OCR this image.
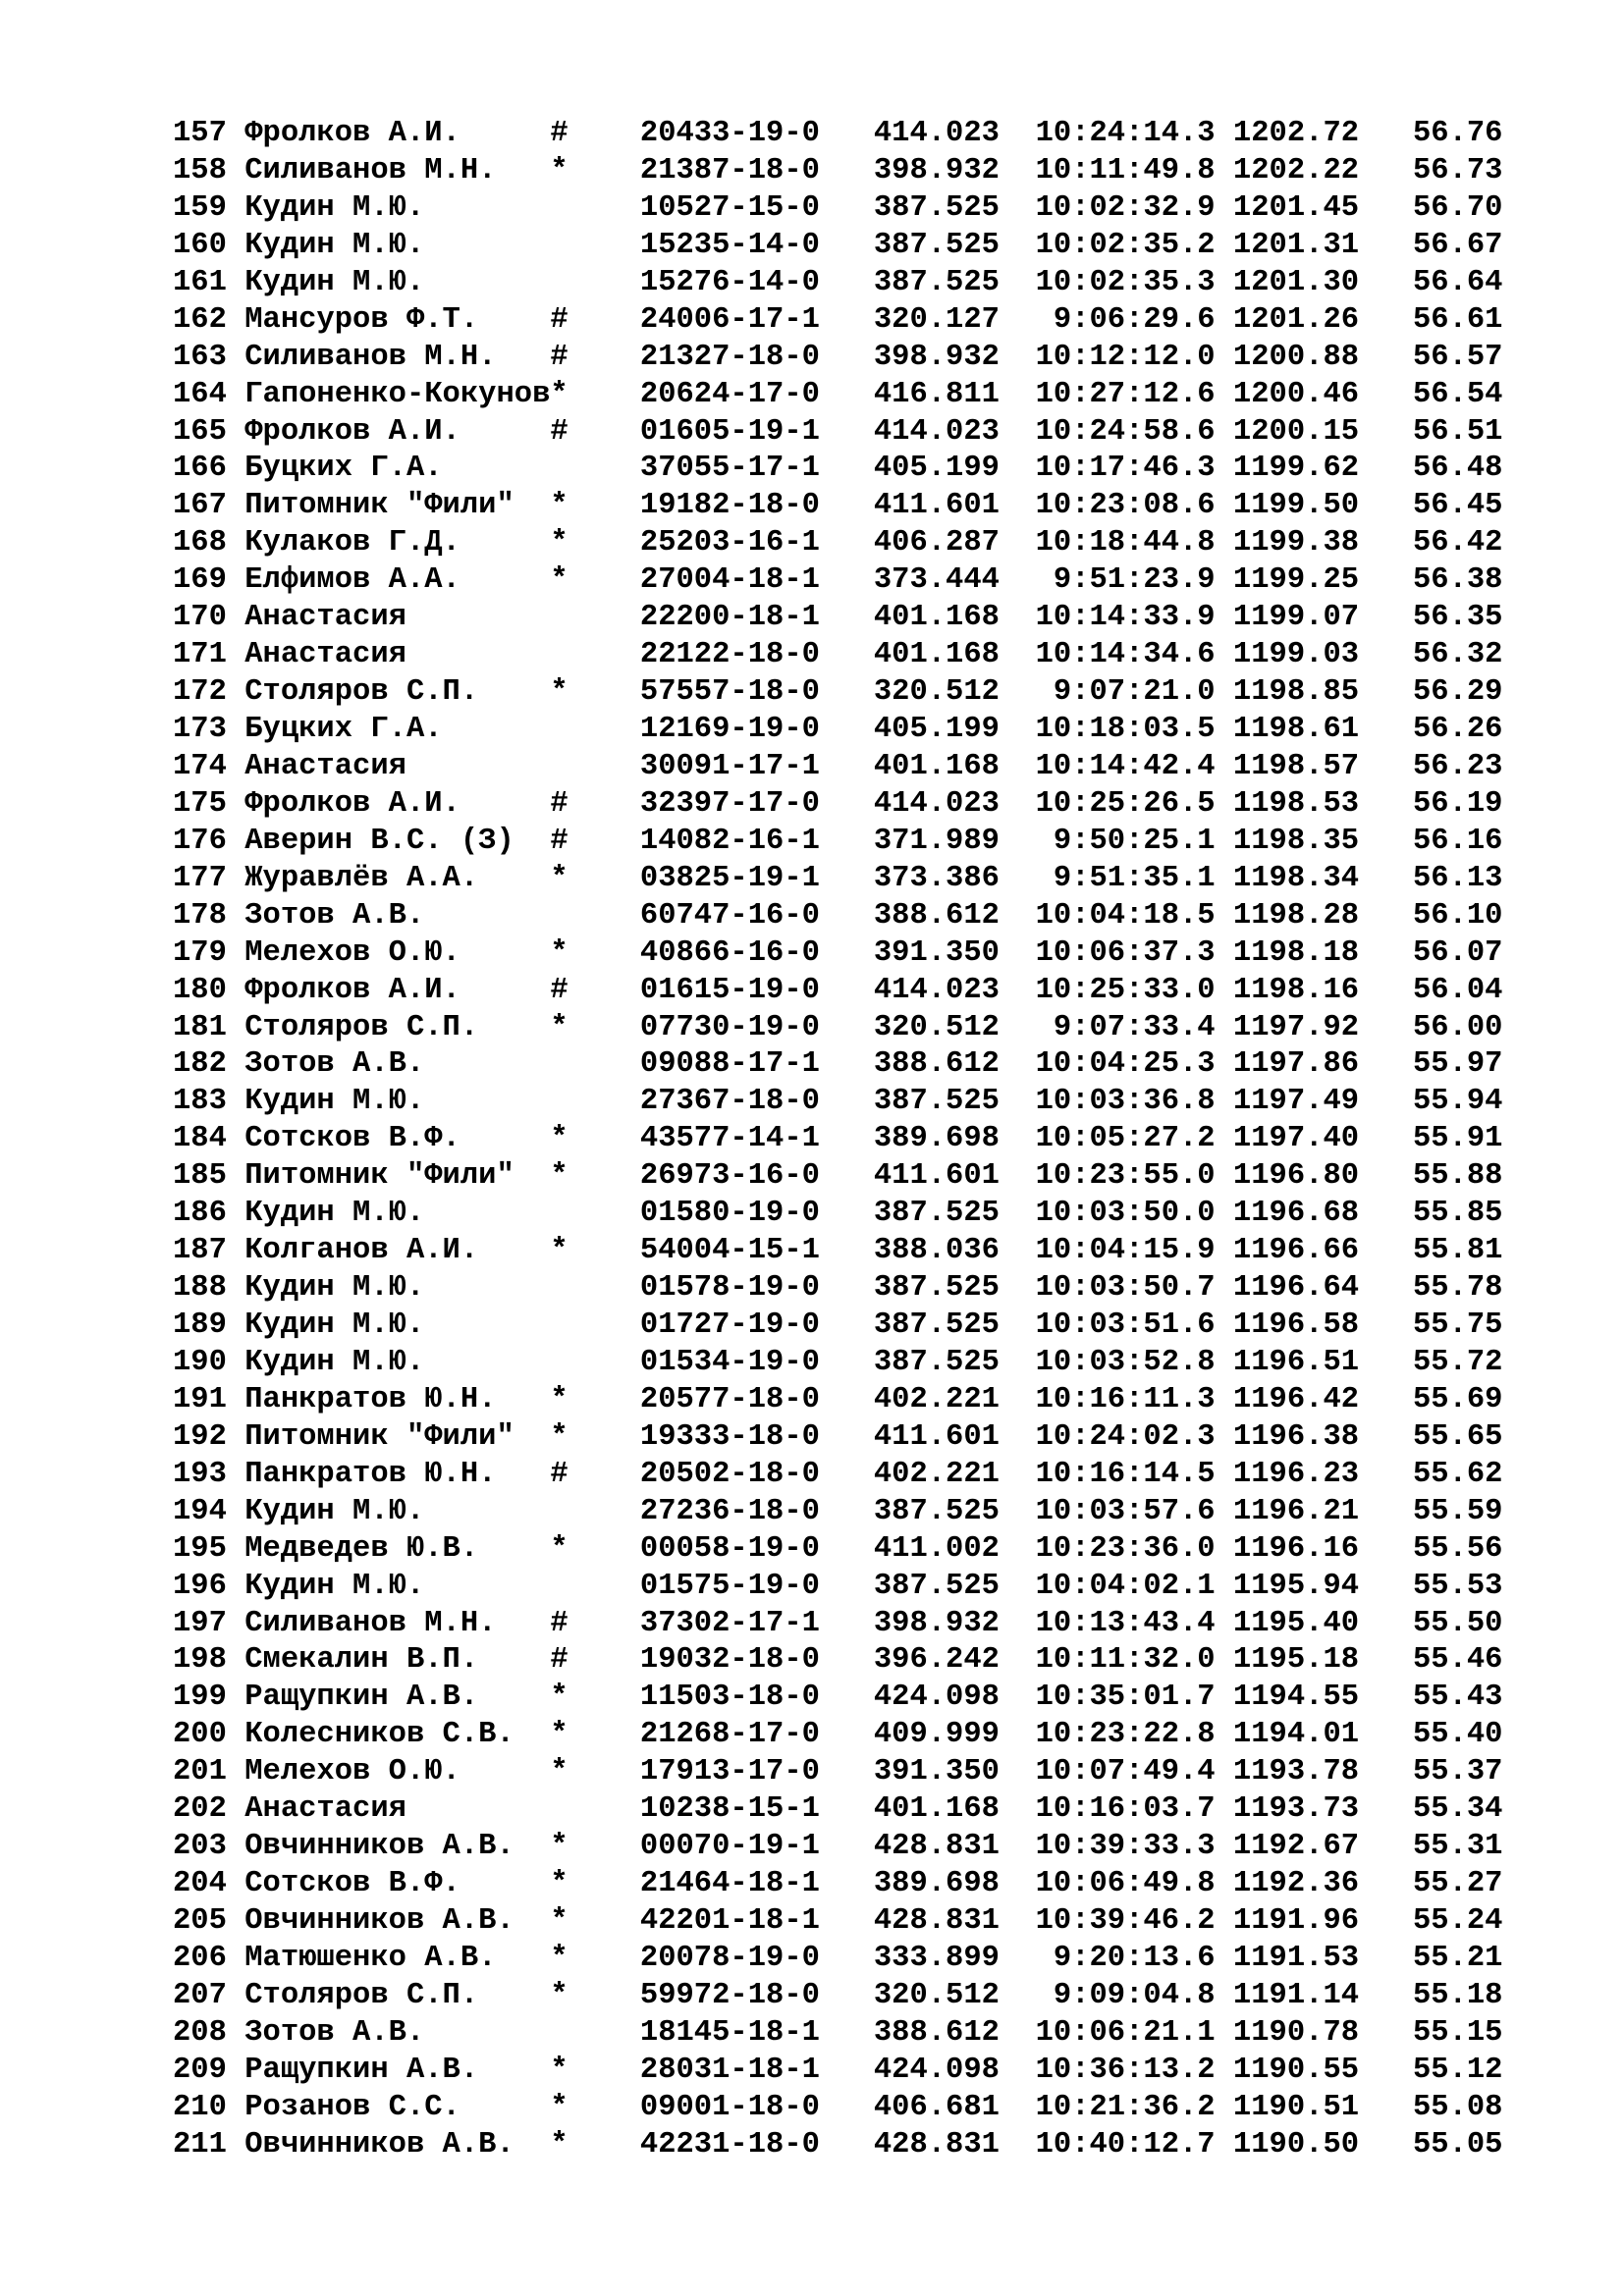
157 Фролков А.И.     #    20433-19-0   414.023  10:24:14.3 1202.72   56.76
158 Силиванов М.Н.   *    21387-18-0   398.932  10:11:49.8 1202.22   56.73
159 Кудин М.Ю.	10527-15-0   387.525  10:02:32.9 1201.45   56.70
160 Кудин М.Ю.	15235-14-0   387.525  10:02:35.2 1201.31   56.67
161 Кудин М.Ю.	15276-14-0   387.525  10:02:35.3 1201.30   56.64
162 Мансуров Ф.Т.    #    24006-17-1   320.127   9:06:29.6 1201.26   56.61
163 Силиванов М.Н.   #    21327-18-0   398.932  10:12:12.0 1200.88   56.57
164 Гапоненко-Кокунов*    20624-17-0   416.811  10:27:12.6 1200.46   56.54
165 Фролков А.И.     #    01605-19-1   414.023  10:24:58.6 1200.15   56.51
166 Буцких Г.А.	37055-17-1   405.199  10:17:46.3 1199.62   56.48
167 Питомник "Фили"  *    19182-18-0   411.601  10:23:08.6 1199.50   56.45
168 Кулаков Г.Д.     *    25203-16-1   406.287  10:18:44.8 1199.38   56.42
169 Елфимов А.А.     *    27004-18-1   373.444   9:51:23.9 1199.25   56.38
170 Анастасия	22200-18-1   401.168  10:14:33.9 1199.07   56.35
171 Анастасия	22122-18-0   401.168  10:14:34.6 1199.03   56.32
172 Столяров С.П.    *    57557-18-0   320.512   9:07:21.0 1198.85   56.29
173 Буцких Г.А.	12169-19-0   405.199  10:18:03.5 1198.61   56.26
174 Анастасия	30091-17-1   401.168  10:14:42.4 1198.57   56.23
175 Фролков А.И.     #    32397-17-0   414.023  10:25:26.5 1198.53   56.19
176 Аверин В.С. (З)  #    14082-16-1   371.989   9:50:25.1 1198.35   56.16
177 Журавлёв А.А.    *    03825-19-1   373.386   9:51:35.1 1198.34   56.13
178 Зотов А.В.	60747-16-0   388.612  10:04:18.5 1198.28   56.10
179 Мелехов О.Ю.     *    40866-16-0   391.350  10:06:37.3 1198.18   56.07
180 Фролков А.И.     #    01615-19-0   414.023  10:25:33.0 1198.16   56.04
181 Столяров С.П.    *    07730-19-0   320.512   9:07:33.4 1197.92   56.00
182 Зотов А.В.	09088-17-1   388.612  10:04:25.3 1197.86   55.97
183 Кудин М.Ю.	27367-18-0   387.525  10:03:36.8 1197.49   55.94
184 Сотсков В.Ф.     *    43577-14-1   389.698  10:05:27.2 1197.40   55.91
185 Питомник "Фили"  *    26973-16-0   411.601  10:23:55.0 1196.80   55.88
186 Кудин М.Ю.	01580-19-0   387.525  10:03:50.0 1196.68   55.85
187 Колганов А.И.    *    54004-15-1   388.036  10:04:15.9 1196.66   55.81
188 Кудин М.Ю.	01578-19-0   387.525  10:03:50.7 1196.64   55.78
189 Кудин М.Ю.	01727-19-0   387.525  10:03:51.6 1196.58   55.75
190 Кудин М.Ю.	01534-19-0   387.525  10:03:52.8 1196.51   55.72
191 Панкратов Ю.Н.   *    20577-18-0   402.221  10:16:11.3 1196.42   55.69
192 Питомник "Фили"  *    19333-18-0   411.601  10:24:02.3 1196.38   55.65
193 Панкратов Ю.Н.   #    20502-18-0   402.221  10:16:14.5 1196.23   55.62
194 Кудин М.Ю.	27236-18-0   387.525  10:03:57.6 1196.21   55.59
195 Медведев Ю.В.    *    00058-19-0   411.002  10:23:36.0 1196.16   55.56
196 Кудин М.Ю.	01575-19-0   387.525  10:04:02.1 1195.94   55.53
197 Силиванов М.Н.   #    37302-17-1   398.932  10:13:43.4 1195.40   55.50
198 Смекалин В.П.    #    19032-18-0   396.242  10:11:32.0 1195.18   55.46
199 Ращупкин А.В.    *    11503-18-0   424.098  10:35:01.7 1194.55   55.43
200 Колесников С.В.  *    21268-17-0   409.999  10:23:22.8 1194.01   55.40
201 Мелехов О.Ю.     *    17913-17-0   391.350  10:07:49.4 1193.78   55.37
202 Анастасия	10238-15-1   401.168  10:16:03.7 1193.73   55.34
203 Овчинников А.В.  *    00070-19-1   428.831  10:39:33.3 1192.67   55.31
204 Сотсков В.Ф.     *    21464-18-1   389.698  10:06:49.8 1192.36   55.27
205 Овчинников А.В.  *    42201-18-1   428.831  10:39:46.2 1191.96   55.24
206 Матюшенко А.В.   *    20078-19-0   333.899   9:20:13.6 1191.53   55.21
207 Столяров С.П.    *    59972-18-0   320.512   9:09:04.8 1191.14   55.18
208 Зотов А.В.	18145-18-1   388.612  10:06:21.1 1190.78   55.15
209 Ращупкин А.В.    *    28031-18-1   424.098  10:36:13.2 1190.55   55.12
210 Розанов С.С.     *    09001-18-0   406.681  10:21:36.2 1190.51   55.08
211 Овчинников А.В.  *    42231-18-0   428.831  10:40:12.7 1190.50   55.05
